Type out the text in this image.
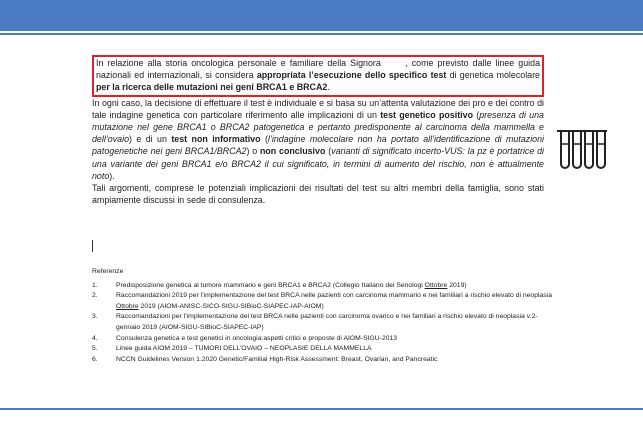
In relazione alla storia oncologica personale e familiare della Signora	, come previsto dalle linee guida nazionali ed internazionali, si considera appropriata l’esecuzione dello specifico test di genetica molecolare per la ricerca delle mutazioni nei geni BRCA1 e BRCA2.

In ogni caso, la decisione di effettuare il test è individuale e si basa su un’attenta valutazione dei pro e dei contro di tale indagine genetica con particolare riferimento alle implicazioni di un test genetico positivo (presenza di una mutazione nel gene BRCA1 o BRCA2 patogenetica e pertanto predisponente al carcinoma della mammella e dell’ovaio) e di un test non informativo (l’indagine molecolare non ha portato all’identificazione di mutazioni patogenetiche nei geni BRCA1/BRCA2) o non conclusivo (varianti di significato incerto-VUS: la pz è portatrice di una variante dei geni BRCA1 e/o BRCA2 il cui significato, in termini di aumento del rischio, non è attualmente noto).

Tali argomenti, comprese le potenziali implicazioni dei risultati del test su altri membri della famiglia, sono stati ampiamente discussi in sede di consulenza.

Referenze
1.	Predisposizione genetica al tumore mammario e geni BRCA1 e BRCA2 (Collegio Italiano dei Senologi Ottobre 2019)
2.	Raccomandazioni 2019 per l’implementazione del test BRCA nelle pazienti con carcinoma mammario e nei familiari a rischio elevato di neoplasia Ottobre 2019 (AIOM-ANISC-SICO-SIGU-SIBioC-SIAPEC-IAP-AIOM)
3.	Raccomandazioni per l’implementazione del test BRCA nelle pazienti con carcinoma ovarico e nei familiari a rischio elevato di neoplasia v.2-gennaio 2019 (AIOM-SIGU-SIBioC-SIAPEC-IAP)
4.	Consulenza genetica e test genetici in oncologia:aspetti critici e proposte di AIOM-SIGU-2013
5.	Linee guida AIOM 2019 – TUMORI DELL’OVAIO – NEOPLASIE DELLA MAMMELLA
6.	NCCN Guidelines Version 1.2020 Genetic/Familial High-Risk Assessment: Breast, Ovarian, and Pancreatic
